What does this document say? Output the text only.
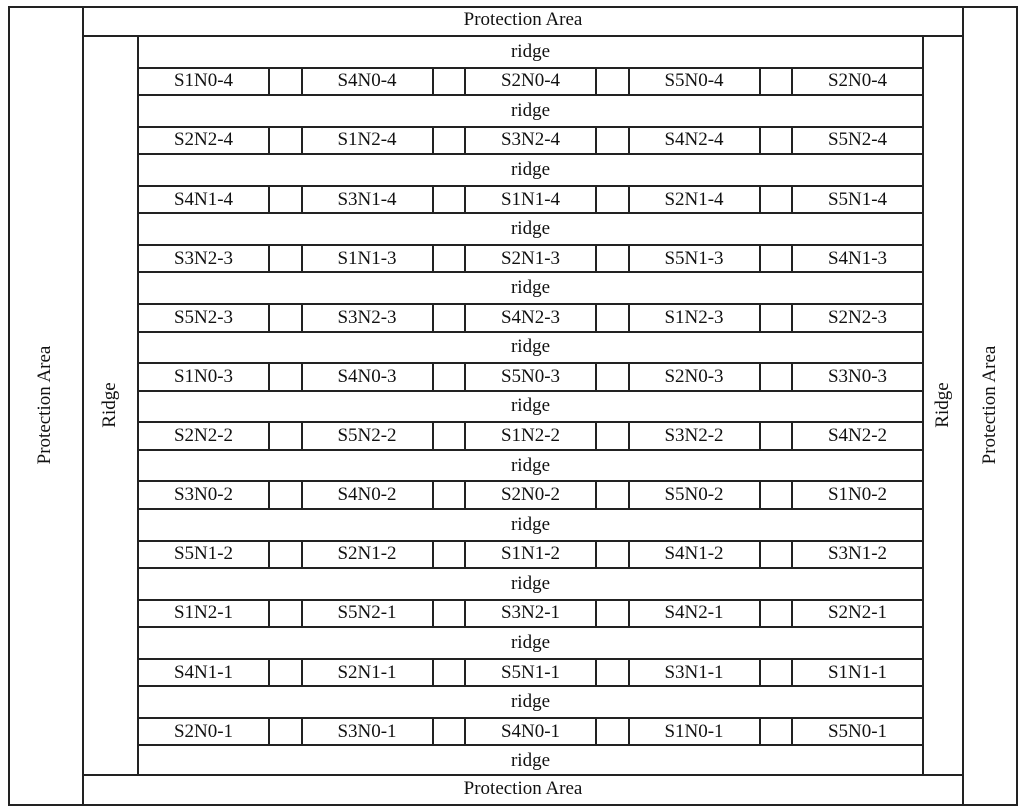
Protection Area	Protection Area
Protection Area
Protection Area
Ridge	Ridge
ridge
S1N0-4	S4N0-4	S2N0-4	S5N0-4	S2N0-4
ridge
S2N2-4	S1N2-4	S3N2-4	S4N2-4	S5N2-4
ridge
S4N1-4	S3N1-4	S1N1-4	S2N1-4	S5N1-4
ridge
S3N2-3	S1N1-3	S2N1-3	S5N1-3	S4N1-3
ridge
S5N2-3	S3N2-3	S4N2-3	S1N2-3	S2N2-3
ridge
S1N0-3	S4N0-3	S5N0-3	S2N0-3	S3N0-3
ridge
S2N2-2	S5N2-2	S1N2-2	S3N2-2	S4N2-2
ridge
S3N0-2	S4N0-2	S2N0-2	S5N0-2	S1N0-2
ridge
S5N1-2	S2N1-2	S1N1-2	S4N1-2	S3N1-2
ridge
S1N2-1	S5N2-1	S3N2-1	S4N2-1	S2N2-1
ridge
S4N1-1	S2N1-1	S5N1-1	S3N1-1	S1N1-1
ridge
S2N0-1	S3N0-1	S4N0-1	S1N0-1	S5N0-1
ridge
